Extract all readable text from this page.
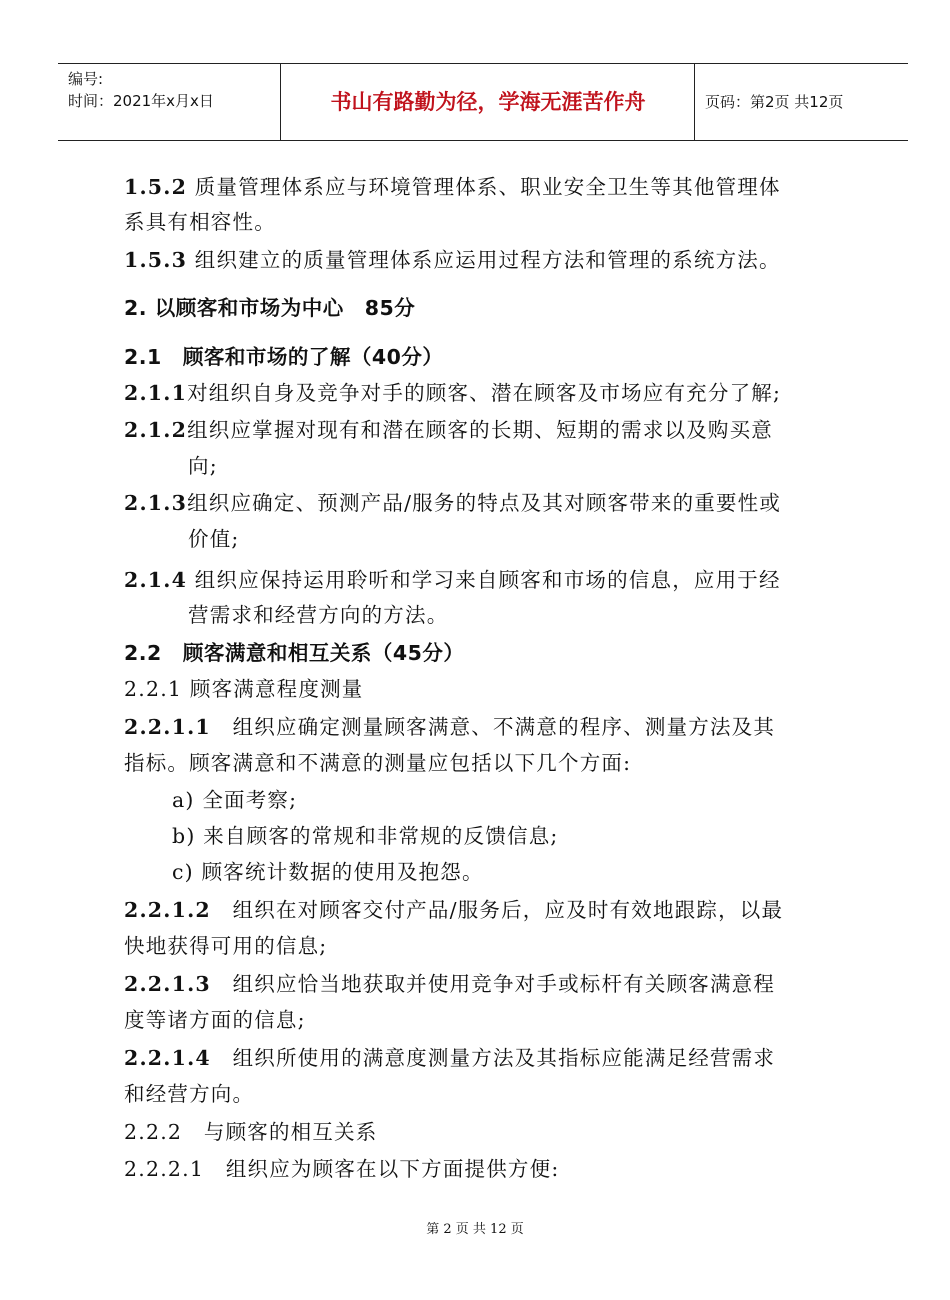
编号:
时间：2021年x月x日	书山有路勤为径，学海无涯苦作舟	页码：第2页 共12页
1.5.2 质量管理体系应与环境管理体系、职业安全卫生等其他管理体
系具有相容性。
1.5.3 组织建立的质量管理体系应运用过程方法和管理的系统方法。
2. 以顾客和市场为中心　85分
2.1　顾客和市场的了解（40分）
2.1.1对组织自身及竞争对手的顾客、潜在顾客及市场应有充分了解;
2.1.2组织应掌握对现有和潜在顾客的长期、短期的需求以及购买意
向;
2.1.3组织应确定、预测产品/服务的特点及其对顾客带来的重要性或
价值;
2.1.4 组织应保持运用聆听和学习来自顾客和市场的信息，应用于经
营需求和经营方向的方法。
2.2　顾客满意和相互关系（45分）
2.2.1 顾客满意程度测量
2.2.1.1　组织应确定测量顾客满意、不满意的程序、测量方法及其
指标。顾客满意和不满意的测量应包括以下几个方面:
a) 全面考察;
b) 来自顾客的常规和非常规的反馈信息;
c) 顾客统计数据的使用及抱怨。
2.2.1.2　组织在对顾客交付产品/服务后，应及时有效地跟踪，以最
快地获得可用的信息;
2.2.1.3　组织应恰当地获取并使用竞争对手或标杆有关顾客满意程
度等诸方面的信息;
2.2.1.4　组织所使用的满意度测量方法及其指标应能满足经营需求
和经营方向。
2.2.2　与顾客的相互关系
2.2.2.1　组织应为顾客在以下方面提供方便:
第 2 页 共 12 页
